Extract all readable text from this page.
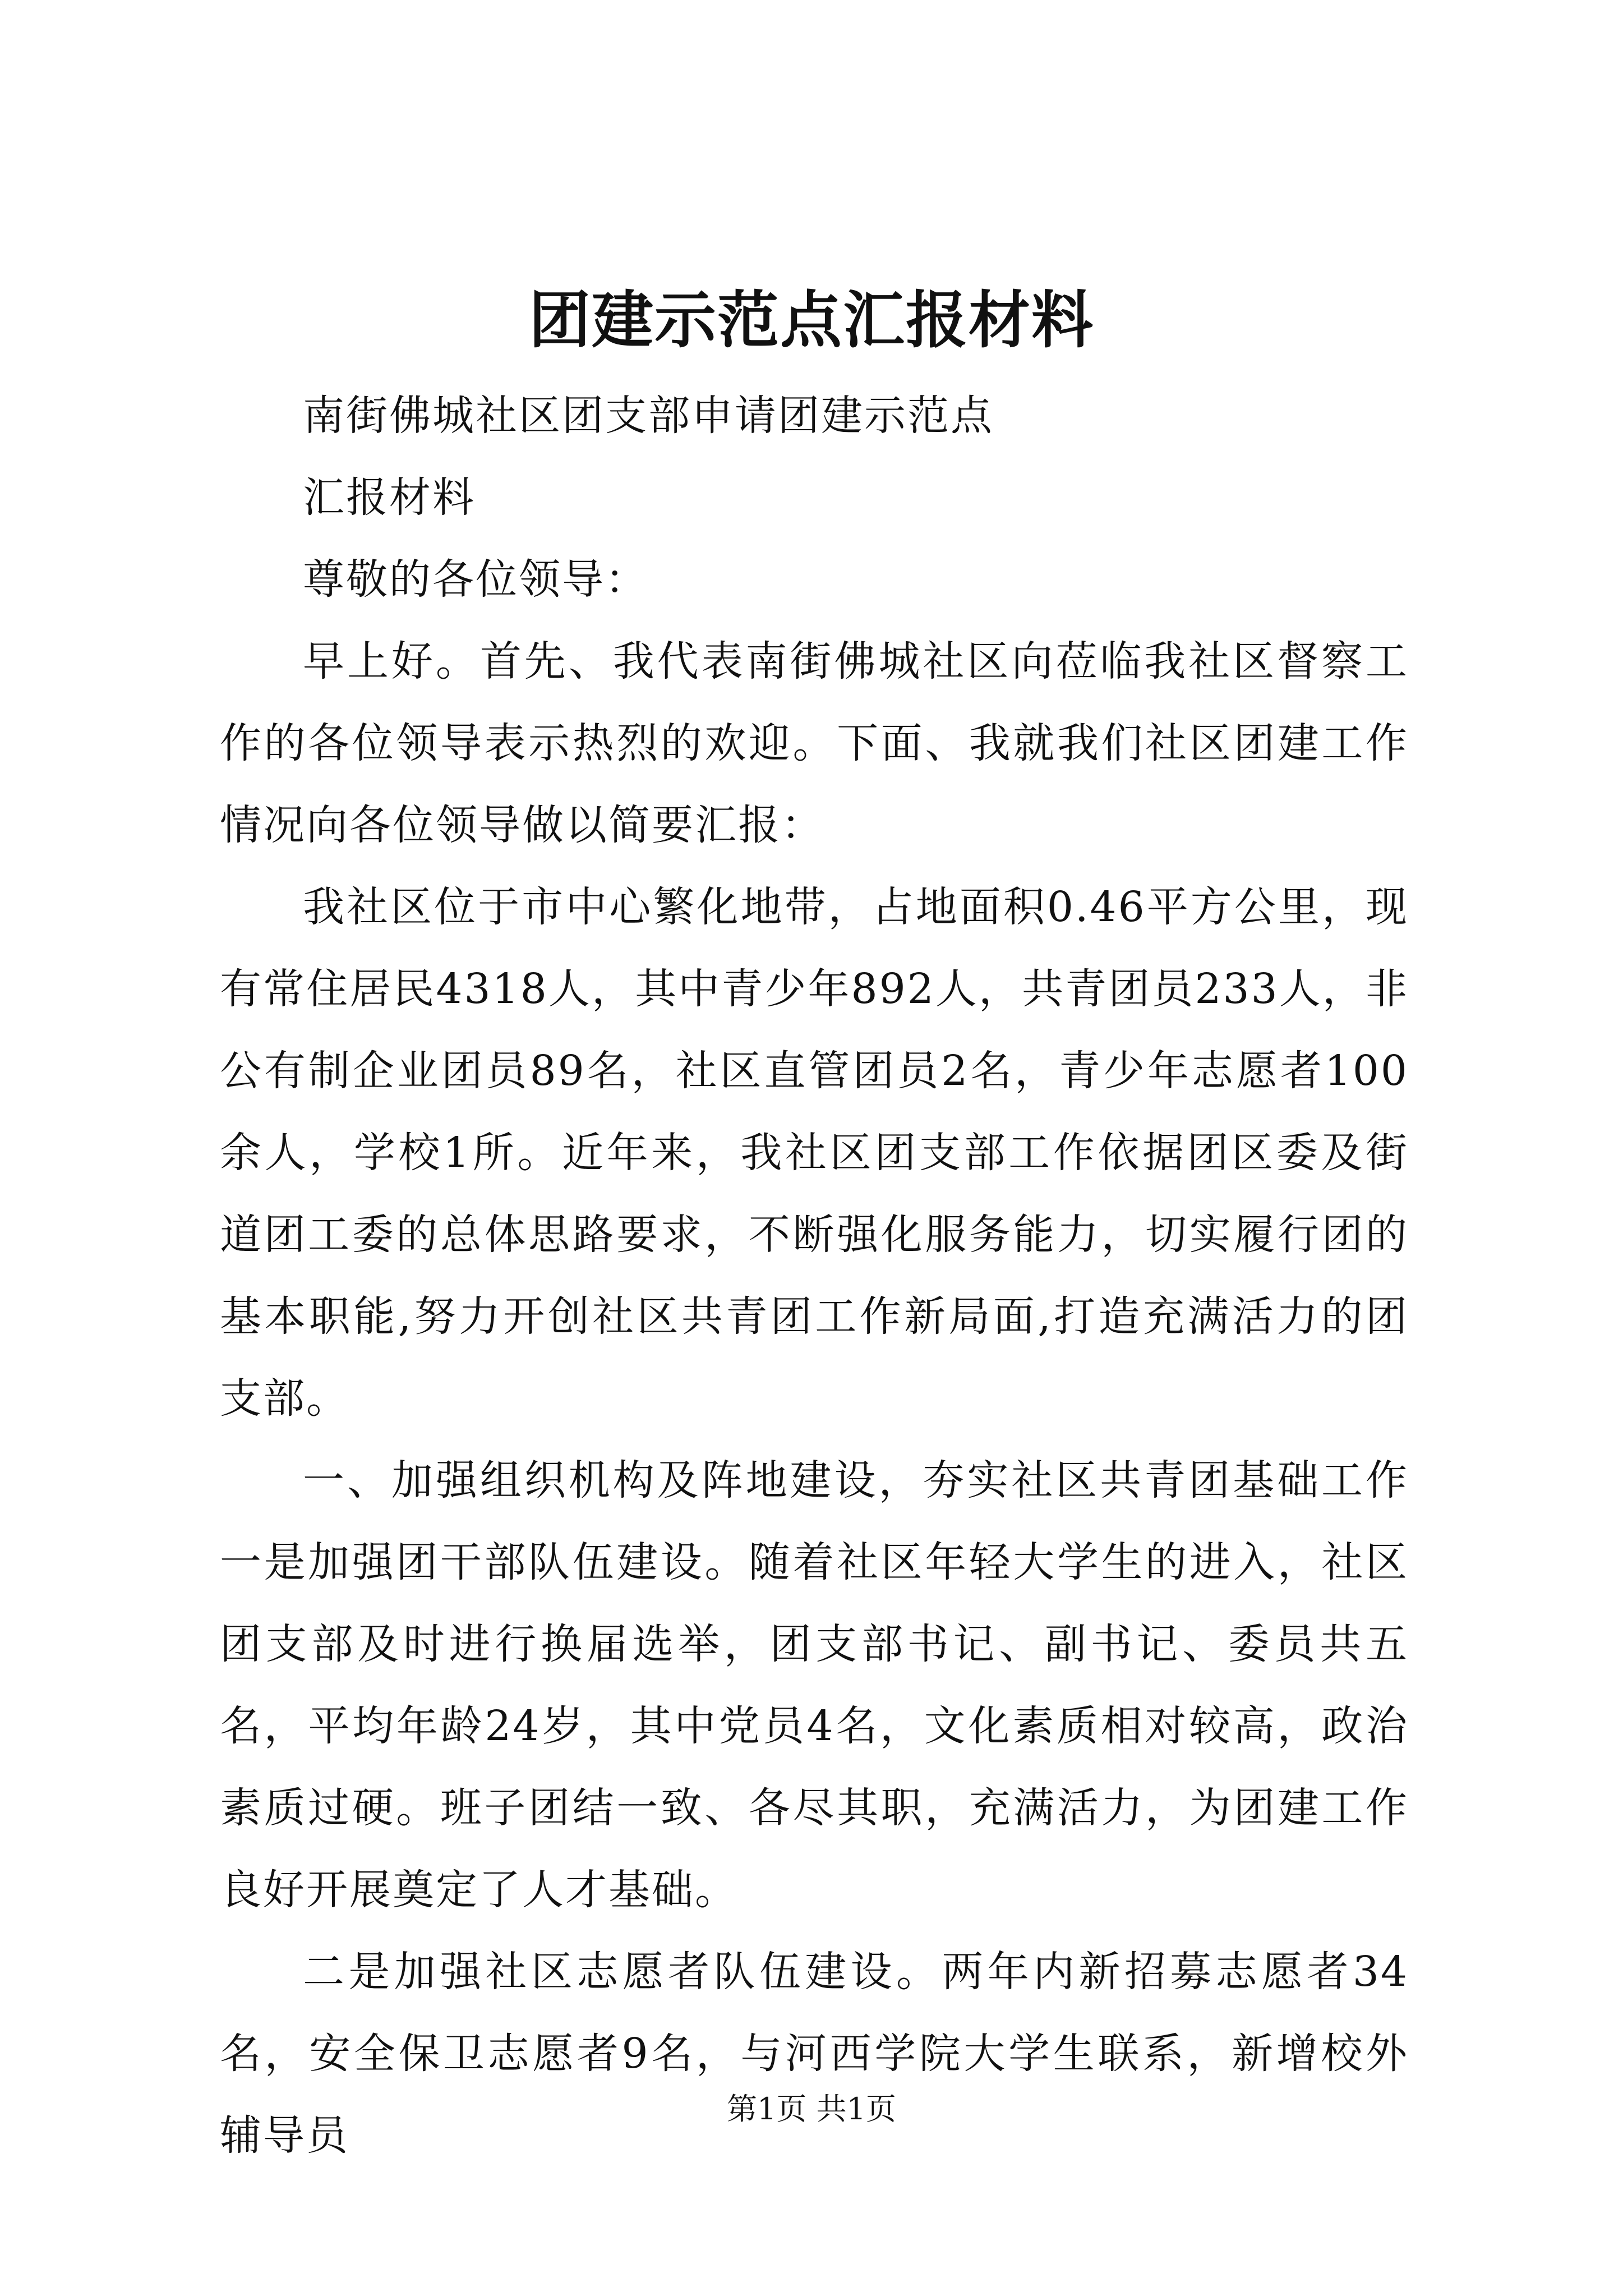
团建示范点汇报材料

南街佛城社区团支部申请团建示范点

汇报材料

尊敬的各位领导：

早上好。首先、我代表南街佛城社区向莅临我社区督察工作的各位领导表示热烈的欢迎。下面、我就我们社区团建工作情况向各位领导做以简要汇报：

我社区位于市中心繁化地带，占地面积0.46平方公里，现有常住居民4318人，其中青少年892人，共青团员233人，非公有制企业团员89名，社区直管团员2名，青少年志愿者100余人，学校1所。近年来，我社区团支部工作依据团区委及街道团工委的总体思路要求，不断强化服务能力，切实履行团的基本职能,努力开创社区共青团工作新局面,打造充满活力的团支部。

一、加强组织机构及阵地建设，夯实社区共青团基础工作一是加强团干部队伍建设。随着社区年轻大学生的进入，社区团支部及时进行换届选举，团支部书记、副书记、委员共五名，平均年龄24岁，其中党员4名，文化素质相对较高，政治素质过硬。班子团结一致、各尽其职，充满活力，为团建工作良好开展奠定了人才基础。

二是加强社区志愿者队伍建设。两年内新招募志愿者34名，安全保卫志愿者9名，与河西学院大学生联系，新增校外辅导员

第1页 共1页
